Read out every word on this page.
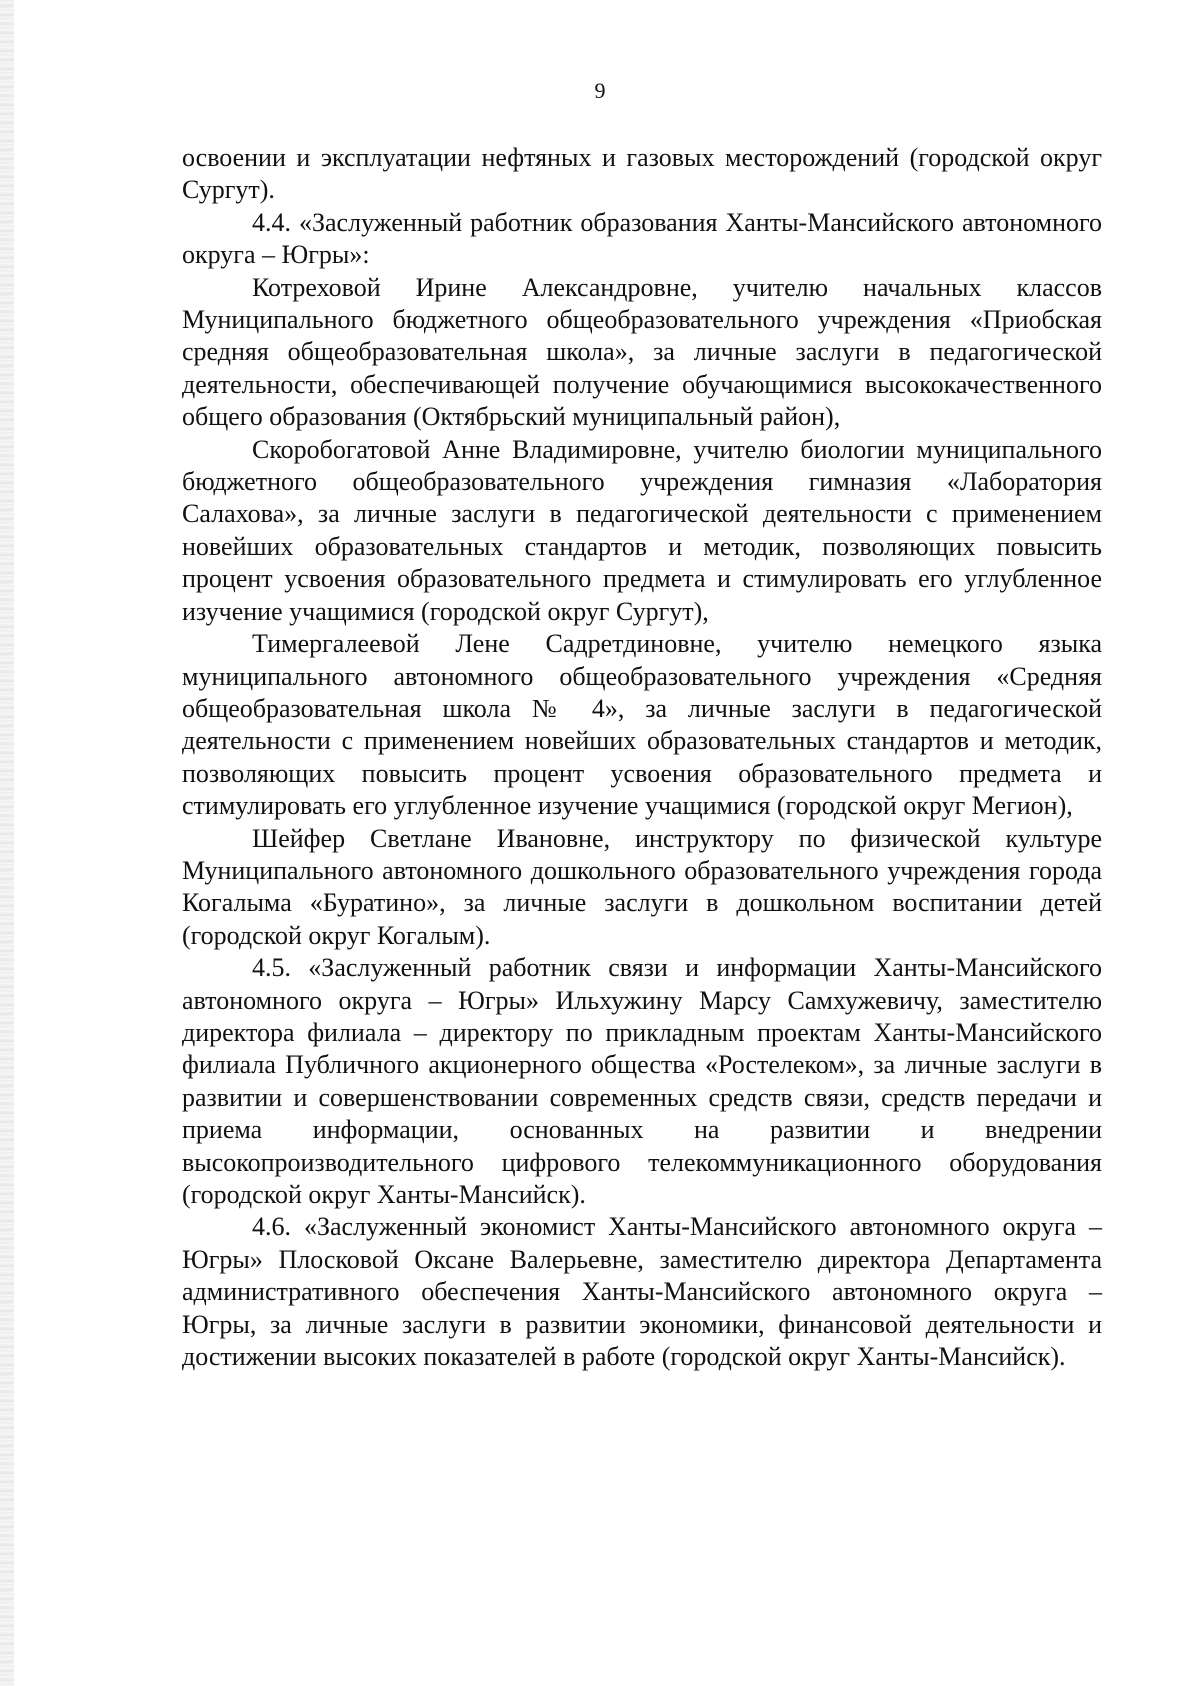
9

освоении и эксплуатации нефтяных и газовых месторождений (городской округ Сургут).

4.4. «Заслуженный работник образования Ханты-Мансийского автономного округа – Югры»:

Котреховой Ирине Александровне, учителю начальных классов Муниципального бюджетного общеобразовательного учреждения «Приобская средняя общеобразовательная школа», за личные заслуги в педагогической деятельности, обеспечивающей получение обучающимися высококачественного общего образования (Октябрьский муниципальный район),

Скоробогатовой Анне Владимировне, учителю биологии муниципального бюджетного общеобразовательного учреждения гимназия «Лаборатория Салахова», за личные заслуги в педагогической деятельности с применением новейших образовательных стандартов и методик, позволяющих повысить процент усвоения образовательного предмета и стимулировать его углубленное изучение учащимися (городской округ Сургут),

Тимергалеевой Лене Садретдиновне, учителю немецкого языка муниципального автономного общеобразовательного учреждения «Средняя общеобразовательная школа № 4», за личные заслуги в педагогической деятельности с применением новейших образовательных стандартов и методик, позволяющих повысить процент усвоения образовательного предмета и стимулировать его углубленное изучение учащимися (городской округ Мегион),

Шейфер Светлане Ивановне, инструктору по физической культуре Муниципального автономного дошкольного образовательного учреждения города Когалыма «Буратино», за личные заслуги в дошкольном воспитании детей (городской округ Когалым).

4.5. «Заслуженный работник связи и информации Ханты-Мансийского автономного округа – Югры» Ильхужину Марсу Самхужевичу, заместителю директора филиала – директору по прикладным проектам Ханты-Мансийского филиала Публичного акционерного общества «Ростелеком», за личные заслуги в развитии и совершенствовании современных средств связи, средств передачи и приема информации, основанных на развитии и внедрении высокопроизводительного цифрового телекоммуникационного оборудования (городской округ Ханты-Мансийск).

4.6. «Заслуженный экономист Ханты-Мансийского автономного округа – Югры» Плосковой Оксане Валерьевне, заместителю директора Департамента административного обеспечения Ханты-Мансийского автономного округа – Югры, за личные заслуги в развитии экономики, финансовой деятельности и достижении высоких показателей в работе (городской округ Ханты-Мансийск).
